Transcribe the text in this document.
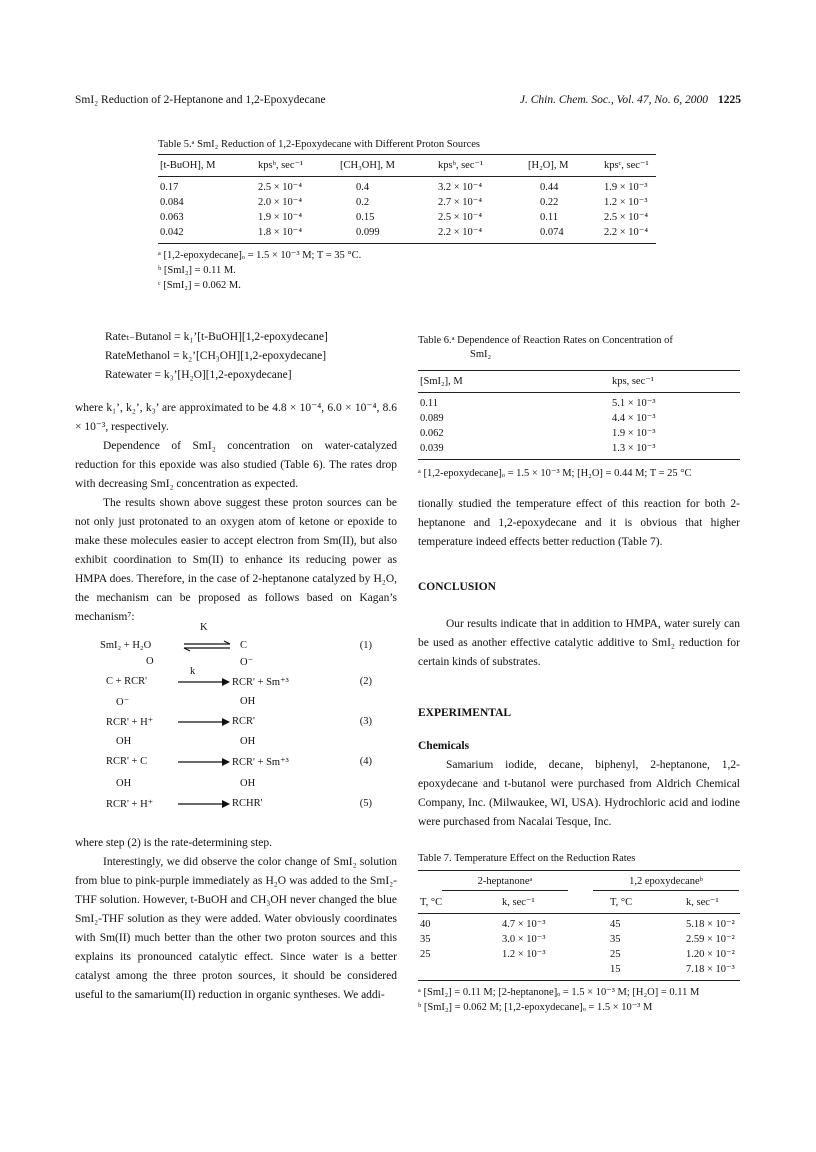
SmI₂ Reduction of 2-Heptanone and 1,2-Epoxydecane	J. Chin. Chem. Soc., Vol. 47, No. 6, 2000 1225
Table 5.ᵃ SmI₂ Reduction of 1,2-Epoxydecane with Different Proton Sources
[t-BuOH], M	kpsᵇ, sec⁻¹	[CH₃OH], M	kpsᵇ, sec⁻¹	[H₂O], M	kpsᶜ, sec⁻¹
0.17	2.5 × 10⁻⁴	0.4	3.2 × 10⁻⁴	0.44	1.9 × 10⁻³
0.084	2.0 × 10⁻⁴	0.2	2.7 × 10⁻⁴	0.22	1.2 × 10⁻³
0.063	1.9 × 10⁻⁴	0.15	2.5 × 10⁻⁴	0.11	2.5 × 10⁻⁴
0.042	1.8 × 10⁻⁴	0.099	2.2 × 10⁻⁴	0.074	2.2 × 10⁻⁴
ᵃ [1,2-epoxydecane]ₒ = 1.5 × 10⁻³ M; T = 35 °C.
ᵇ [SmI₂] = 0.11 M.
ᶜ [SmI₂] = 0.062 M.
Rateₜ₋Butanol = k₁’[t-BuOH][1,2-epoxydecane]
RateMethanol = k₂’[CH₃OH][1,2-epoxydecane]
Ratewater = k₃’[H₂O][1,2-epoxydecane]

where k₁’, k₂’, k₃’ are approximated to be 4.8 × 10⁻⁴, 6.0 × 10⁻⁴, 8.6 × 10⁻³, respectively.

Dependence of SmI₂ concentration on water-catalyzed reduction for this epoxide was also studied (Table 6). The rates drop with decreasing SmI₂ concentration as expected.

The results shown above suggest these proton sources can be not only just protonated to an oxygen atom of ketone or epoxide to make these molecules easier to accept electron from Sm(II), but also exhibit coordination to Sm(II) to enhance its reducing power as HMPA does. Therefore, in the case of 2-heptanone catalyzed by H₂O, the mechanism can be proposed as follows based on Kagan’s mechanism⁷:

K
SmI₂ + H₂O	C	(1)
O	O⁻
k
C + RCR'	RCR' + Sm⁺³	(2)
O⁻	OH
RCR' + H⁺	RCR'	(3)
OH	OH
RCR' + C	RCR' + Sm⁺³	(4)
OH	OH
RCR' + H⁺	RCHR'	(5)

where step (2) is the rate-determining step.

Interestingly, we did observe the color change of SmI₂ solution from blue to pink-purple immediately as H₂O was added to the SmI₂-THF solution. However, t-BuOH and CH₃OH never changed the blue SmI₂-THF solution as they were added. Water obviously coordinates with Sm(II) much better than the other two proton sources and this explains its pronounced catalytic effect. Since water is a better catalyst among the three proton sources, it should be considered useful to the samarium(II) reduction in organic syntheses. We addi-

Table 6.ᵃ Dependence of Reaction Rates on Concentration of
SmI₂
[SmI₂], M	kps, sec⁻¹
0.11	5.1 × 10⁻³
0.089	4.4 × 10⁻³
0.062	1.9 × 10⁻³
0.039	1.3 × 10⁻³
ᵃ [1,2-epoxydecane]ₒ = 1.5 × 10⁻³ M; [H₂O] = 0.44 M; T = 25 °C

tionally studied the temperature effect of this reaction for both 2-heptanone and 1,2-epoxydecane and it is obvious that higher temperature indeed effects better reduction (Table 7).

CONCLUSION

Our results indicate that in addition to HMPA, water surely can be used as another effective catalytic additive to SmI₂ reduction for certain kinds of substrates.

EXPERIMENTAL
Chemicals

Samarium iodide, decane, biphenyl, 2-heptanone, 1,2-epoxydecane and t-butanol were purchased from Aldrich Chemical Company, Inc. (Milwaukee, WI, USA). Hydrochloric acid and iodine were purchased from Nacalai Tesque, Inc.

Table 7. Temperature Effect on the Reduction Rates
2-heptanoneᵃ		1,2 epoxydecaneᵇ	
T, °C	k, sec⁻¹	T, °C	k, sec⁻¹
40	4.7 × 10⁻³	45	5.18 × 10⁻²
35	3.0 × 10⁻³	35	2.59 × 10⁻²
25	1.2 × 10⁻³	25	1.20 × 10⁻²
		15	7.18 × 10⁻³
ᵃ [SmI₂] = 0.11 M; [2-heptanone]ₒ = 1.5 × 10⁻³ M; [H₂O] = 0.11 M
ᵇ [SmI₂] = 0.062 M; [1,2-epoxydecane]ₒ = 1.5 × 10⁻³ M
